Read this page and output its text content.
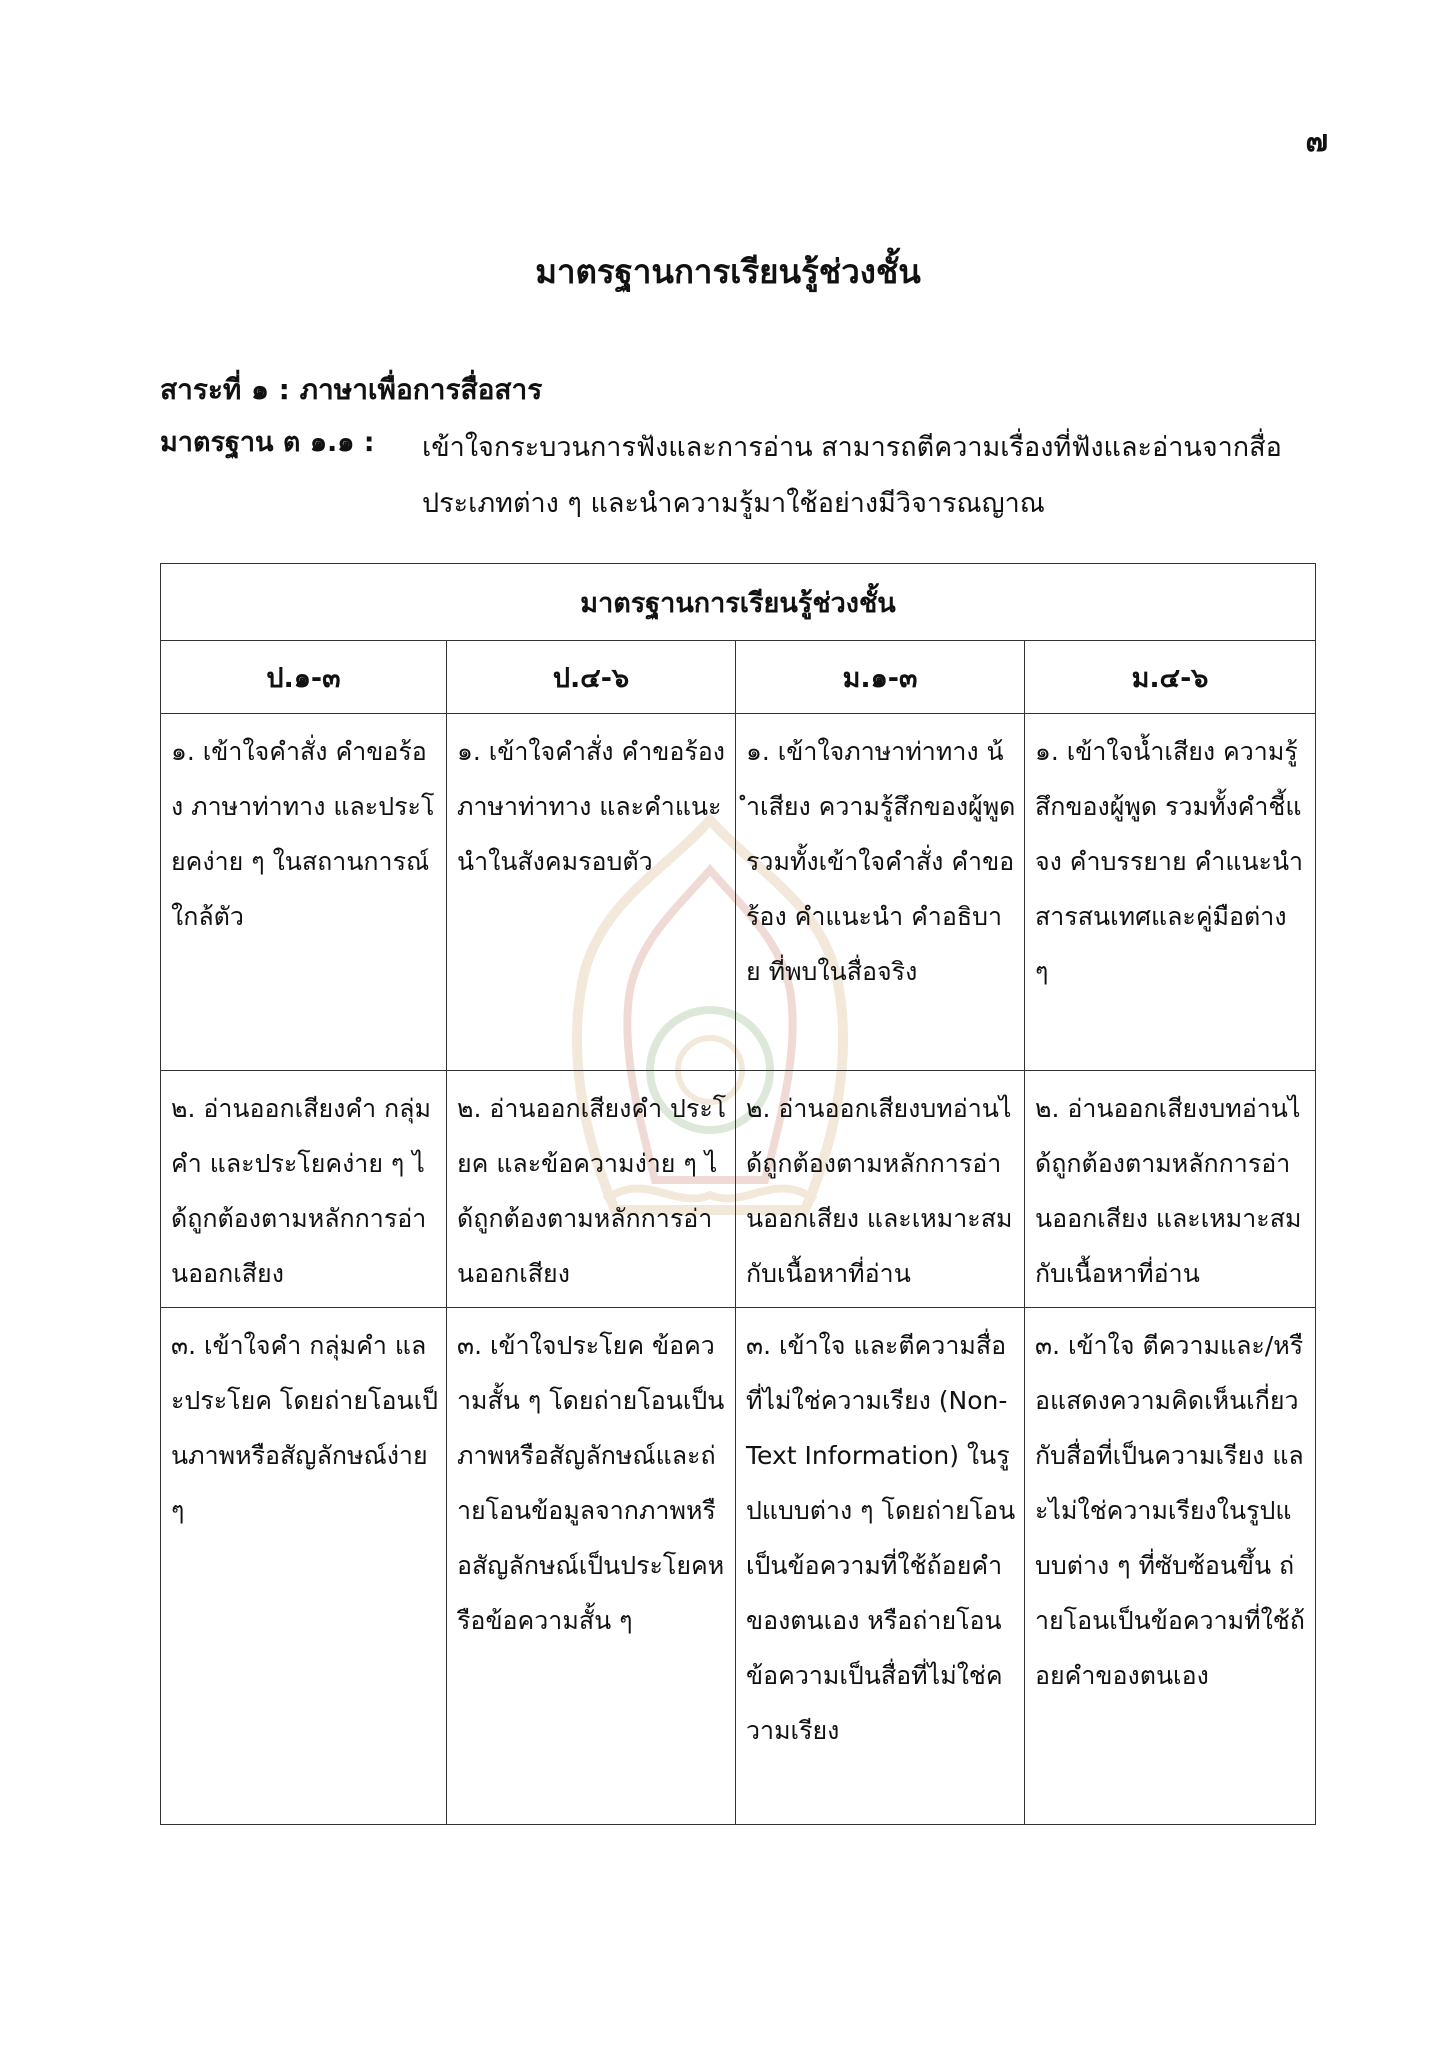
๗
มาตรฐานการเรียนรู้ช่วงชั้น
สาระที่ ๑ : ภาษาเพื่อการสื่อสาร
มาตรฐาน ต ๑.๑ : เข้าใจกระบวนการฟังและการอ่าน สามารถตีความเรื่องที่ฟังและอ่านจากสื่อประเภทต่าง ๆ และนำความรู้มาใช้อย่างมีวิจารณญาณ
มาตรฐานการเรียนรู้ช่วงชั้น			
ป.๑-๓	ป.๔-๖	ม.๑-๓	ม.๔-๖
๑. เข้าใจคำสั่ง คำขอร้อง ภาษาท่าทาง และประโยคง่าย ๆ ในสถานการณ์ใกล้ตัว	๑. เข้าใจคำสั่ง คำขอร้อง ภาษาท่าทาง และคำแนะนำในสังคมรอบตัว	๑. เข้าใจภาษาท่าทาง น้ำเสียง ความรู้สึกของผู้พูด รวมทั้งเข้าใจคำสั่ง คำขอร้อง คำแนะนำ คำอธิบาย ที่พบในสื่อจริง	๑. เข้าใจน้ำเสียง ความรู้สึกของผู้พูด รวมทั้งคำชี้แจง คำบรรยาย คำแนะนำ สารสนเทศและคู่มือต่าง ๆ
๒. อ่านออกเสียงคำ กลุ่มคำ และประโยคง่าย ๆ ได้ถูกต้องตามหลักการอ่านออกเสียง	๒. อ่านออกเสียงคำ ประโยค และข้อความง่าย ๆ ได้ถูกต้องตามหลักการอ่านออกเสียง	๒. อ่านออกเสียงบทอ่านได้ถูกต้องตามหลักการอ่านออกเสียง และเหมาะสมกับเนื้อหาที่อ่าน	๒. อ่านออกเสียงบทอ่านได้ถูกต้องตามหลักการอ่านออกเสียง และเหมาะสมกับเนื้อหาที่อ่าน
๓. เข้าใจคำ กลุ่มคำ และประโยค โดยถ่ายโอนเป็นภาพหรือสัญลักษณ์ง่าย ๆ	๓. เข้าใจประโยค ข้อความสั้น ๆ โดยถ่ายโอนเป็นภาพหรือสัญลักษณ์และถ่ายโอนข้อมูลจากภาพหรือสัญลักษณ์เป็นประโยคหรือข้อความสั้น ๆ	๓. เข้าใจ และตีความสื่อที่ไม่ใช่ความเรียง (Non-Text Information) ในรูปแบบต่าง ๆ โดยถ่ายโอนเป็นข้อความที่ใช้ถ้อยคำของตนเอง หรือถ่ายโอนข้อความเป็นสื่อที่ไม่ใช่ความเรียง	๓. เข้าใจ ตีความและ/หรือแสดงความคิดเห็นเกี่ยวกับสื่อที่เป็นความเรียง และไม่ใช่ความเรียงในรูปแบบต่าง ๆ ที่ซับซ้อนขึ้น ถ่ายโอนเป็นข้อความที่ใช้ถ้อยคำของตนเอง
